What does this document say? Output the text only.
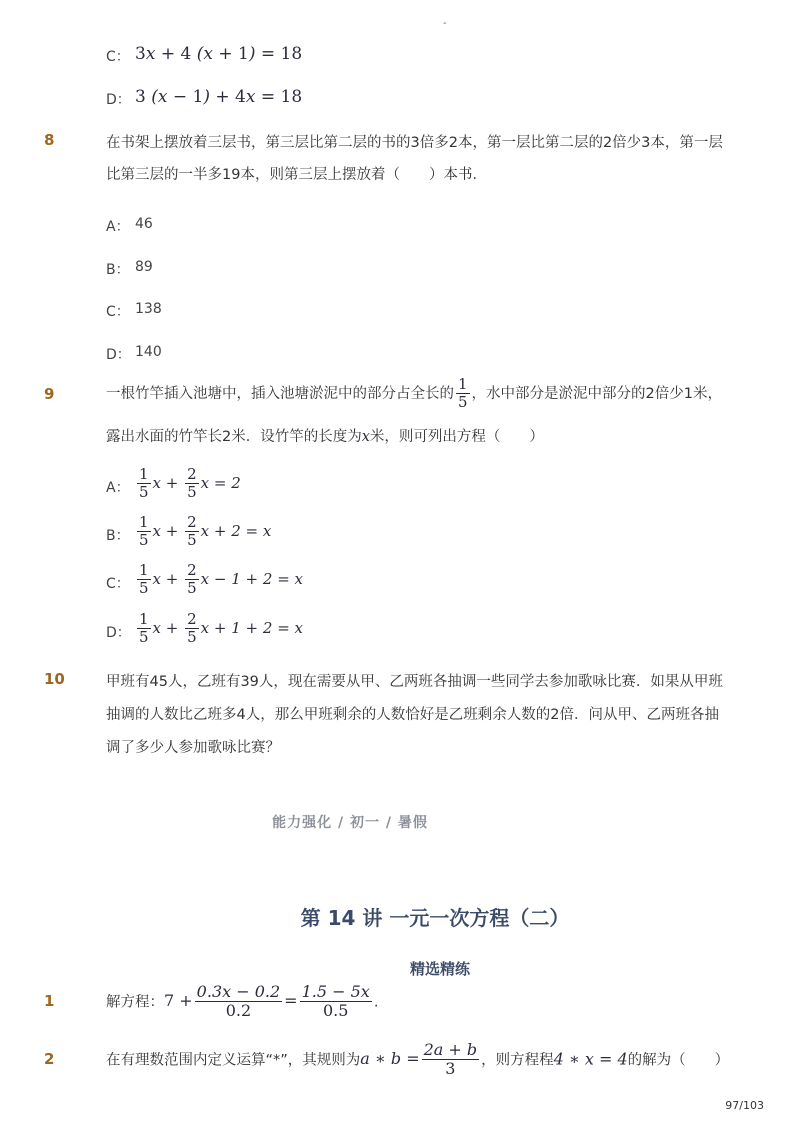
-
C： 3x + 4 (x + 1) = 18
D： 3 (x − 1) + 4x = 18
8	在书架上摆放着三层书，第三层比第二层的书的3倍多2本，第一层比第二层的2倍少3本，第一层
比第三层的一半多19本，则第三层上摆放着（　　）本书．
A： 46
B： 89
C： 138
D： 140
9	一根竹竿插入池塘中，插入池塘淤泥中的部分占全长的 $\frac{1}{5}$ ，水中部分是淤泥中部分的2倍少1米，
露出水面的竹竿长2米．设竹竿的长度为x米，则可列出方程（　　）
A： $\frac{1}{5}$ $x + \frac{2}{5}$ x = 2
B： $\frac{1}{5}$ $x + \frac{2}{5}$ x + 2 = x
C： $\frac{1}{5}$ $x + \frac{2}{5}$ x − 1 + 2 = x
D： $\frac{1}{5}$ $x + \frac{2}{5}$ x + 1 + 2 = x
10	甲班有45人，乙班有39人，现在需要从甲、乙两班各抽调一些同学去参加歌咏比赛．如果从甲班
抽调的人数比乙班多4人，那么甲班剩余的人数恰好是乙班剩余人数的2倍．问从甲、乙两班各抽
调了多少人参加歌咏比赛？
能力强化 / 初一 / 暑假
第 14 讲 一元一次方程（二）
精选精练
1	解方程：$7 + \frac{0.3x - 0.2}{0.2} = \frac{1.5 - 5x}{0.5}$ .
2	在有理数范围内定义运算“*”，其规则为a ∗ $b = \frac{2a + b}{3}$ ，则方程程4 ∗ x = 4的解为（　　）
97/103
